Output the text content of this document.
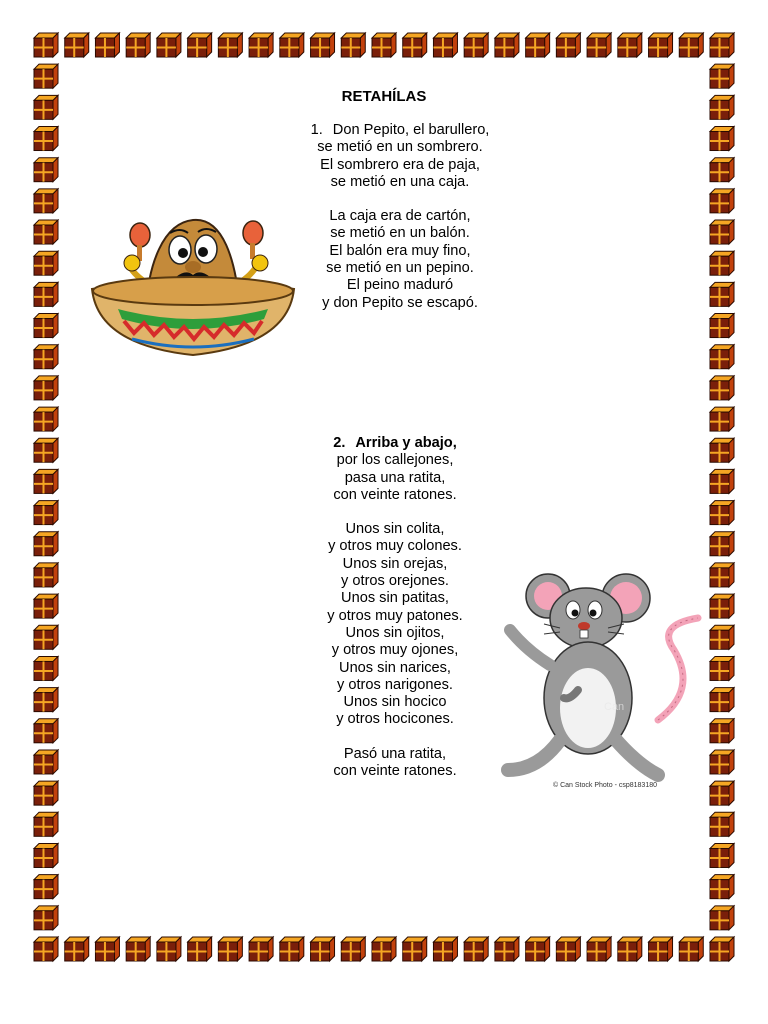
RETAHÍLAS
1. Don Pepito, el barullero,
se metió en un sombrero.
El sombrero era de paja,
se metió en una caja.
La caja era de cartón,
se metió en un balón.
El balón era muy fino,
se metió en un pepino.
El peino maduró
y don Pepito se escapó.
2. Arriba y abajo,
por los callejones,
pasa una ratita,
con veinte ratones.
Unos sin colita,
y otros muy colones.
Unos sin orejas,
y otros orejones.
Unos sin patitas,
y otros muy patones.
Unos sin ojitos,
y otros muy ojones,
Unos sin narices,
y otros narigones.
Unos sin hocico
y otros hocicones.
Pasó una ratita,
con veinte ratones.
Can
© Can Stock Photo - csp8183180
